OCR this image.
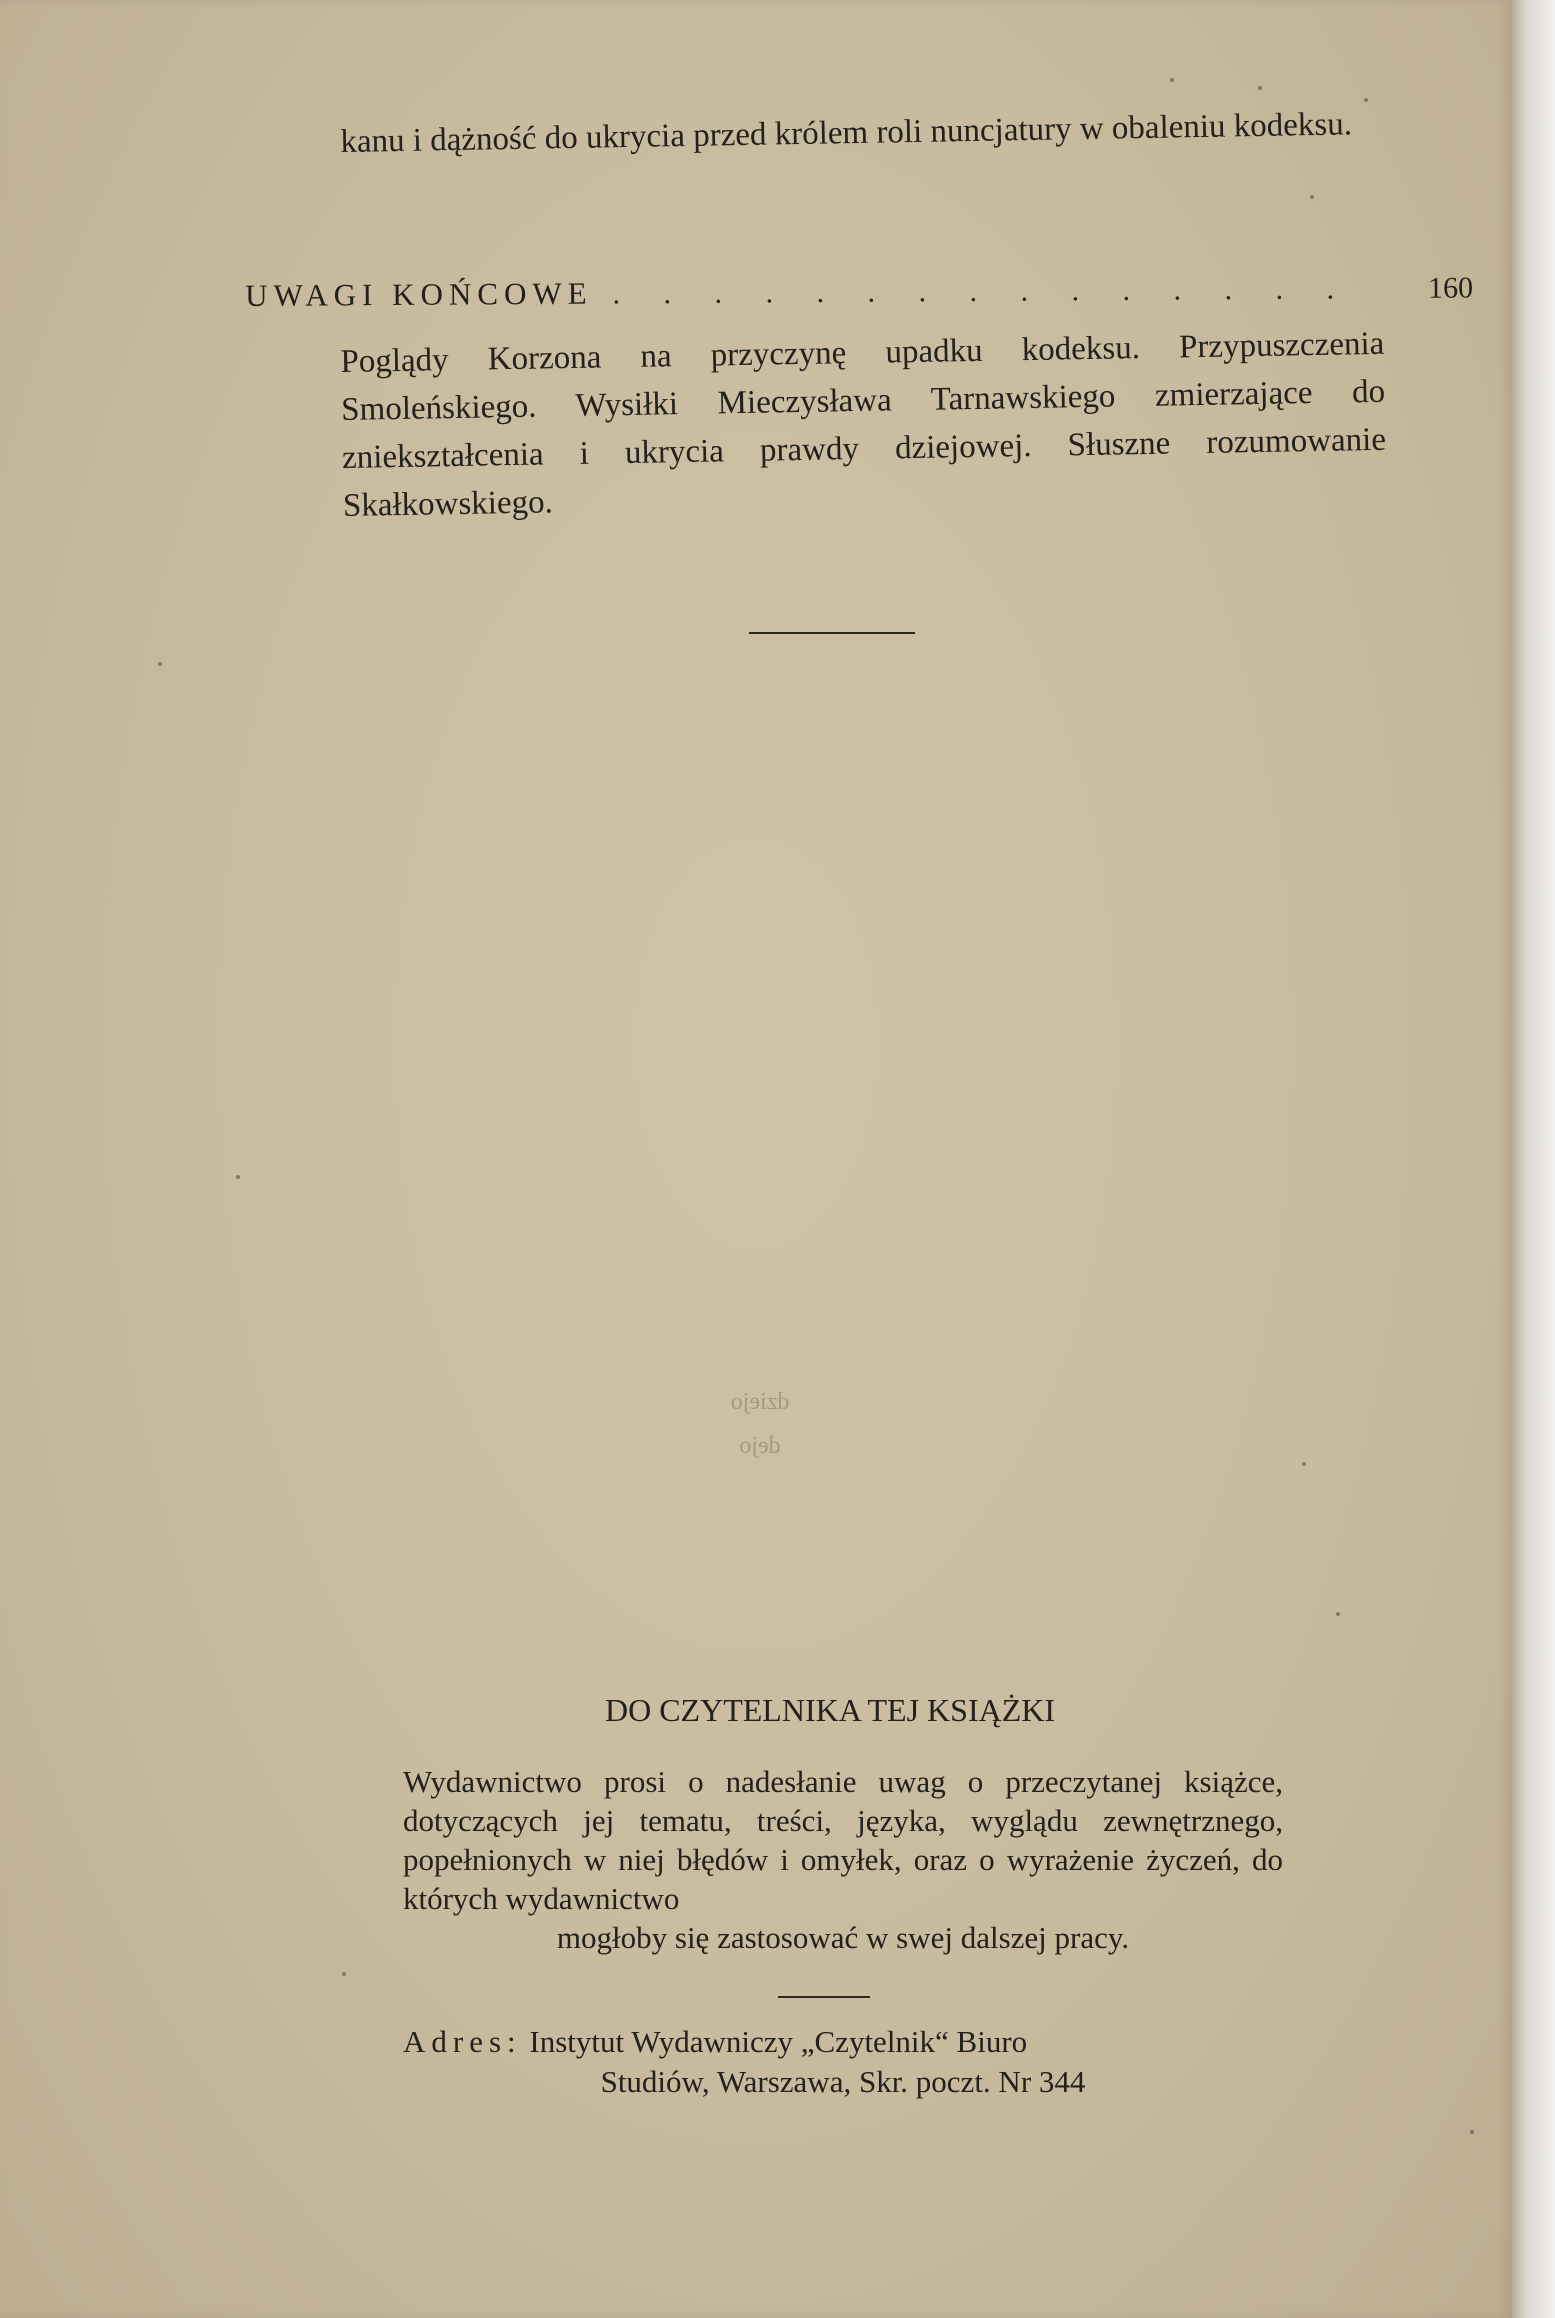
kanu i dążność do ukrycia przed królem roli nuncjatury w obaleniu kodeksu.
UWAGI KOŃCOWE . . . . . . . . . . . . . . .	160
Poglądy Korzona na przyczynę upadku kodeksu. Przypuszczenia Smoleńskiego. Wysiłki Mieczysława Tarnawskiego zmierzające do zniekształcenia i ukrycia prawdy dziejowej. Słuszne rozumowanie Skałkowskiego.
dziejo
dejo
DO CZYTELNIKA TEJ KSIĄŻKI
Wydawnictwo prosi o nadesłanie uwag o przeczytanej książce, dotyczących jej tematu, treści, języka, wyglądu zewnętrznego, popełnionych w niej błędów i omyłek, oraz o wyrażenie życzeń, do których wydawnictwo
mogłoby się zastosować w swej dalszej pracy.
Adres: Instytut Wydawniczy „Czytelnik“ Biuro
Studiów, Warszawa, Skr. poczt. Nr 344
